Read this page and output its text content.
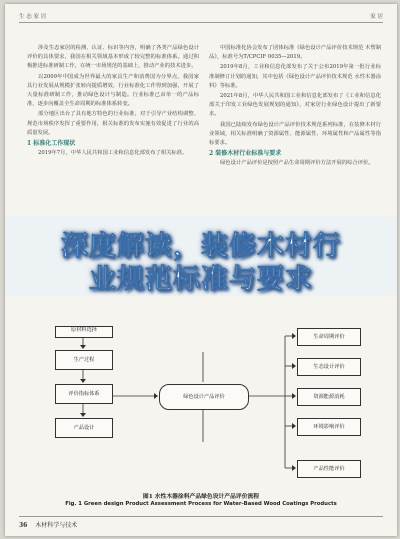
生 态 家 居	家 居

涉及生态家居的检测、认证、标识等内容，明确了各类产品绿色设计评价的具体要求，我国在相关领域基本形成了较完整的标准体系。通过积极推进标准研制工作，在统一市场规范的基础上，推动产业的技术进步。

以2009年中国成为世界最大的家具生产和消费国为分界点，我国家具行业发展从规模扩张转向提质增效，行业标准化工作得到加强，开展了大量标准研制工作，推动绿色设计与制造。行业标准已由单一的产品标准，逐步向覆盖全生命周期的标准体系转变。

部分地区出台了具有地方特色的行业标准，对于引导产业结构调整、规范市场秩序发挥了重要作用，相关标准的发布实施有效促进了行业的高质量发展。

1 标准化工作现状

2019年7月，中华人民共和国工业和信息化部发布了相关标准。

中国标准化协会发布了团体标准《绿色设计产品评价技术规范 木塑制品》，标准号为T/CPCIF 0035—2019。

2019年8月，工业和信息化部发布了关于公布2019年第一批行业标准制修订计划的通知，其中包括《绿色设计产品评价技术规范 水性木器涂料》等标准。

2021年8月，中华人民共和国工业和信息化部发布了《工业和信息化部关于印发工业绿色发展规划的通知》，对家居行业绿色设计提出了新要求。

我国已陆续发布绿色设计产品评价技术规范系列标准，在装修木材行业领域，相关标准明确了资源属性、能源属性、环境属性和产品属性等指标要求。

2 装修木材行业标准与要求

绿色设计产品评价是按照产品生命周期评价方法开展的综合评价。

深度解读，装修木材行
业规范标准与要求
原材料选择
生产过程
评价指标体系
产品设计
绿色设计产品评价
生命周期评价
生态设计评价
资源能源消耗
环境影响评价
产品性能评价
图1 水性木器涂料产品绿色设计产品评价流程
Fig. 1 Green design Product Assessment Process for Water-Based Wood Coatings Products
36 木材科学与技术
